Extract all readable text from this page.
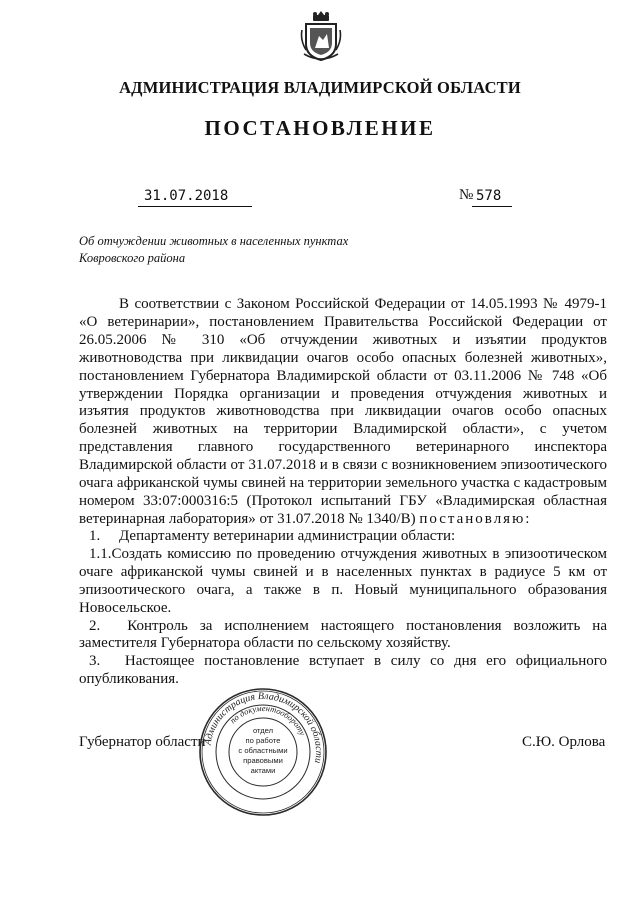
АДМИНИСТРАЦИЯ ВЛАДИМИРСКОЙ ОБЛАСТИ
ПОСТАНОВЛЕНИЕ
31.07.2018	№ 578
Об отчуждении животных в населенных пунктах
Ковровского района
В соответствии с Законом Российской Федерации от 14.05.1993 № 4979-1 «О ветеринарии», постановлением Правительства Российской Федерации от 26.05.2006 № 310 «Об отчуждении животных и изъятии продуктов животноводства при ликвидации очагов особо опасных болезней животных», постановлением Губернатора Владимирской области от 03.11.2006 № 748 «Об утверждении Порядка организации и проведения отчуждения животных и изъятия продуктов животноводства при ликвидации очагов особо опасных болезней животных на территории Владимирской области», с учетом представления главного государственного ветеринарного инспектора Владимирской области от 31.07.2018 и в связи с возникновением эпизоотического очага африканской чумы свиней на территории земельного участка с кадастровым номером 33:07:000316:5 (Протокол испытаний ГБУ «Владимирская областная ветеринарная лаборатория» от 31.07.2018 № 1340/В) постановляю:

1.  Департаменту ветеринарии администрации области:

1.1.Создать комиссию по проведению отчуждения животных в эпизоотическом очаге африканской чумы свиней и в населенных пунктах в радиусе 5 км от эпизоотического очага, а также в п. Новый муниципального образования Новосельское.

2.  Контроль за исполнением настоящего постановления возложить на заместителя Губернатора области по сельскому хозяйству.

3.  Настоящее постановление вступает в силу со дня его официального опубликования.

Губернатор области	С.Ю. Орлова
Администрация Владимирской области
по документообороту
отдел
по работе
с областными
правовыми
актами
